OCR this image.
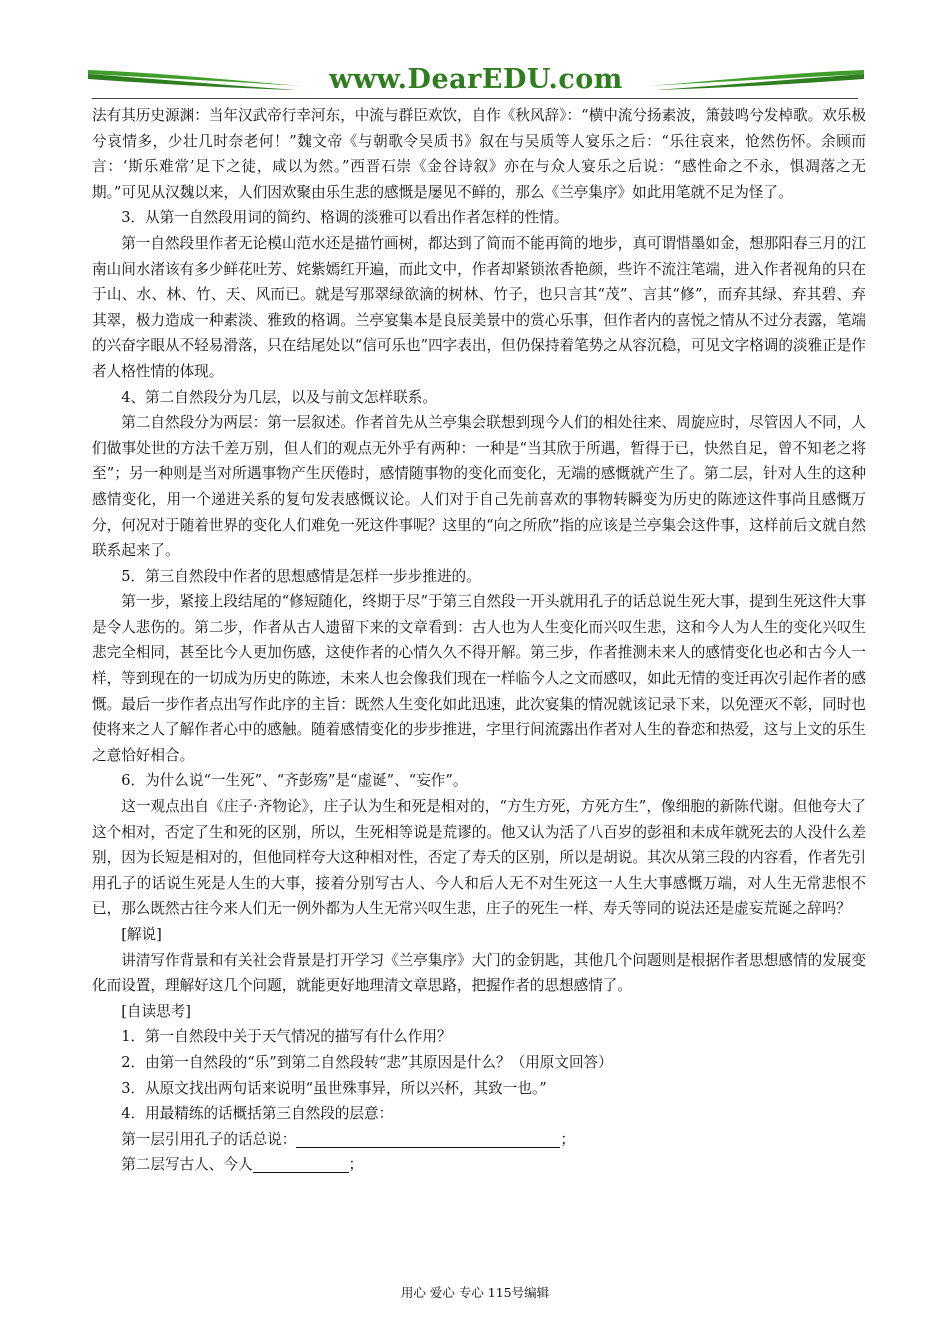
www.DearEDU.com

法有其历史源渊：当年汉武帝行幸河东，中流与群臣欢饮，自作《秋风辞》：“横中流兮扬素波，箫鼓鸣兮发棹歌。欢乐极兮哀情多，少壮几时奈老何！”魏文帝《与朝歌令吴质书》叙在与吴质等人宴乐之后：“乐往哀来，怆然伤怀。余顾而言：‘斯乐难常’足下之徒，咸以为然。”西晋石崇《金谷诗叙》亦在与众人宴乐之后说：“感性命之不永，惧凋落之无期。”可见从汉魏以来，人们因欢聚由乐生悲的感慨是屡见不鲜的，那么《兰亭集序》如此用笔就不足为怪了。

3．从第一自然段用词的简约、格调的淡雅可以看出作者怎样的性情。

第一自然段里作者无论模山范水还是描竹画树，都达到了简而不能再简的地步，真可谓惜墨如金，想那阳春三月的江南山间水渚该有多少鲜花吐芳、姹紫嫣红开遍，而此文中，作者却紧锁浓香艳颜，些许不流注笔端，进入作者视角的只在于山、水、林、竹、天、风而已。就是写那翠绿欲滴的树林、竹子，也只言其“茂”、言其“修”，而弃其绿、弃其碧、弃其翠，极力造成一种素淡、雅致的格调。兰亭宴集本是良辰美景中的赏心乐事，但作者内的喜悦之情从不过分表露，笔端的兴奋字眼从不轻易滑落，只在结尾处以“信可乐也”四字表出，但仍保持着笔势之从容沉稳，可见文字格调的淡雅正是作者人格性情的体现。

4、第二自然段分为几层，以及与前文怎样联系。

第二自然段分为两层：第一层叙述。作者首先从兰亭集会联想到现今人们的相处往来、周旋应时，尽管因人不同，人们做事处世的方法千差万别，但人们的观点无外乎有两种：一种是“当其欣于所遇，暂得于已，快然自足，曾不知老之将至”；另一种则是当对所遇事物产生厌倦时，感情随事物的变化而变化，无端的感慨就产生了。第二层，针对人生的这种感情变化，用一个递进关系的复句发表感慨议论。人们对于自己先前喜欢的事物转瞬变为历史的陈迹这件事尚且感慨万分，何况对于随着世界的变化人们难免一死这件事呢？这里的“向之所欣”指的应该是兰亭集会这件事，这样前后文就自然联系起来了。

5．第三自然段中作者的思想感情是怎样一步步推进的。

第一步，紧接上段结尾的“修短随化，终期于尽”于第三自然段一开头就用孔子的话总说生死大事，提到生死这件大事是令人悲伤的。第二步，作者从古人遗留下来的文章看到：古人也为人生变化而兴叹生悲，这和今人为人生的变化兴叹生悲完全相同，甚至比今人更加伤感，这使作者的心情久久不得开解。第三步，作者推测未来人的感情变化也必和古今人一样，等到现在的一切成为历史的陈迹，未来人也会像我们现在一样临今人之文而感叹，如此无情的变迁再次引起作者的感慨。最后一步作者点出写作此序的主旨：既然人生变化如此迅速，此次宴集的情况就该记录下来，以免湮灭不彰，同时也使将来之人了解作者心中的感触。随着感情变化的步步推进，字里行间流露出作者对人生的眷恋和热爱，这与上文的乐生之意恰好相合。

6．为什么说“一生死”、“齐彭殇”是“虚诞”、“妄作”。

这一观点出自《庄子·齐物论》，庄子认为生和死是相对的，“方生方死，方死方生”，像细胞的新陈代谢。但他夸大了这个相对，否定了生和死的区别，所以，生死相等说是荒谬的。他又认为活了八百岁的彭祖和未成年就死去的人没什么差别，因为长短是相对的，但他同样夸大这种相对性，否定了寿夭的区别，所以是胡说。其次从第三段的内容看，作者先引用孔子的话说生死是人生的大事，接着分别写古人、今人和后人无不对生死这一人生大事感慨万端，对人生无常悲恨不已，那么既然古往今来人们无一例外都为人生无常兴叹生悲，庄子的死生一样、寿夭等同的说法还是虚妄荒诞之辞吗？

[解说]

讲清写作背景和有关社会背景是打开学习《兰亭集序》大门的金钥匙，其他几个问题则是根据作者思想感情的发展变化而设置，理解好这几个问题，就能更好地理清文章思路，把握作者的思想感情了。

[自读思考]

1．第一自然段中关于天气情况的描写有什么作用？

2．由第一自然段的“乐”到第二自然段转“悲”其原因是什么？（用原文回答）

3．从原文找出两句话来说明“虽世殊事异，所以兴杯，其致一也。”

4．用最精练的话概括第三自然段的层意：

第一层引用孔子的话总说：	；

第二层写古人、今人	；

用心 爱心 专心 115号编辑
